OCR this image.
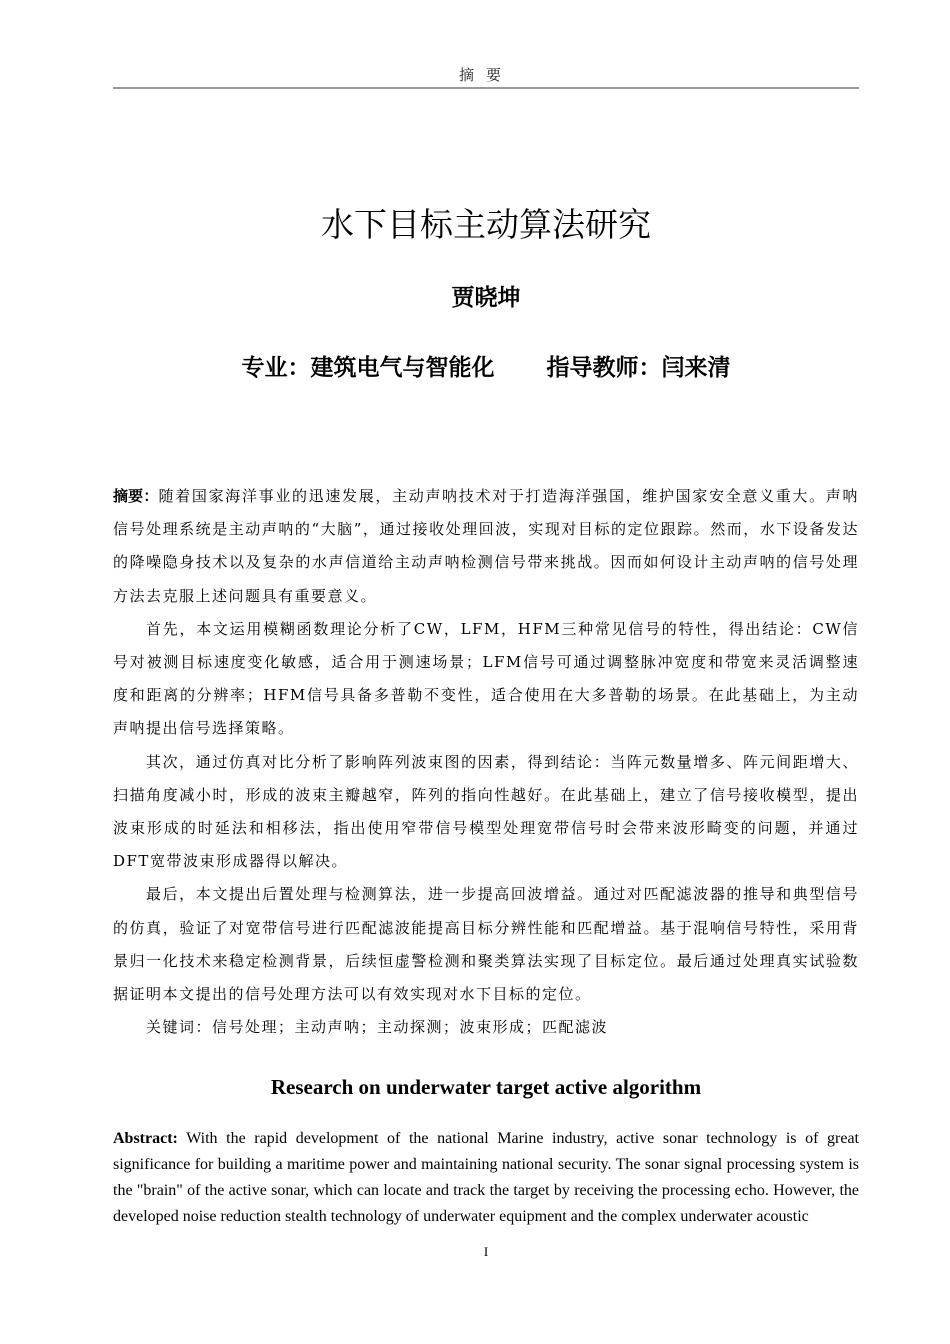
摘要
水下目标主动算法研究
贾晓坤
专业：建筑电气与智能化 指导教师：闫来清

摘要：随着国家海洋事业的迅速发展，主动声呐技术对于打造海洋强国，维护国家安全意义重大。声呐信号处理系统是主动声呐的“大脑”，通过接收处理回波，实现对目标的定位跟踪。然而，水下设备发达的降噪隐身技术以及复杂的水声信道给主动声呐检测信号带来挑战。因而如何设计主动声呐的信号处理方法去克服上述问题具有重要意义。

首先，本文运用模糊函数理论分析了CW，LFM，HFM三种常见信号的特性，得出结论：CW信号对被测目标速度变化敏感，适合用于测速场景；LFM信号可通过调整脉冲宽度和带宽来灵活调整速度和距离的分辨率；HFM信号具备多普勒不变性，适合使用在大多普勒的场景。在此基础上，为主动声呐提出信号选择策略。

其次，通过仿真对比分析了影响阵列波束图的因素，得到结论：当阵元数量增多、阵元间距增大、扫描角度减小时，形成的波束主瓣越窄，阵列的指向性越好。在此基础上，建立了信号接收模型，提出波束形成的时延法和相移法，指出使用窄带信号模型处理宽带信号时会带来波形畸变的问题，并通过DFT宽带波束形成器得以解决。

最后，本文提出后置处理与检测算法，进一步提高回波增益。通过对匹配滤波器的推导和典型信号的仿真，验证了对宽带信号进行匹配滤波能提高目标分辨性能和匹配增益。基于混响信号特性，采用背景归一化技术来稳定检测背景，后续恒虚警检测和聚类算法实现了目标定位。最后通过处理真实试验数据证明本文提出的信号处理方法可以有效实现对水下目标的定位。

关键词：信号处理；主动声呐；主动探测；波束形成；匹配滤波

Research on underwater target active algorithm

Abstract: With the rapid development of the national Marine industry, active sonar technology is of great significance for building a maritime power and maintaining national security. The sonar signal processing system is the "brain" of the active sonar, which can locate and track the target by receiving the processing echo. However, the developed noise reduction stealth technology of underwater equipment and the complex underwater acoustic

I
